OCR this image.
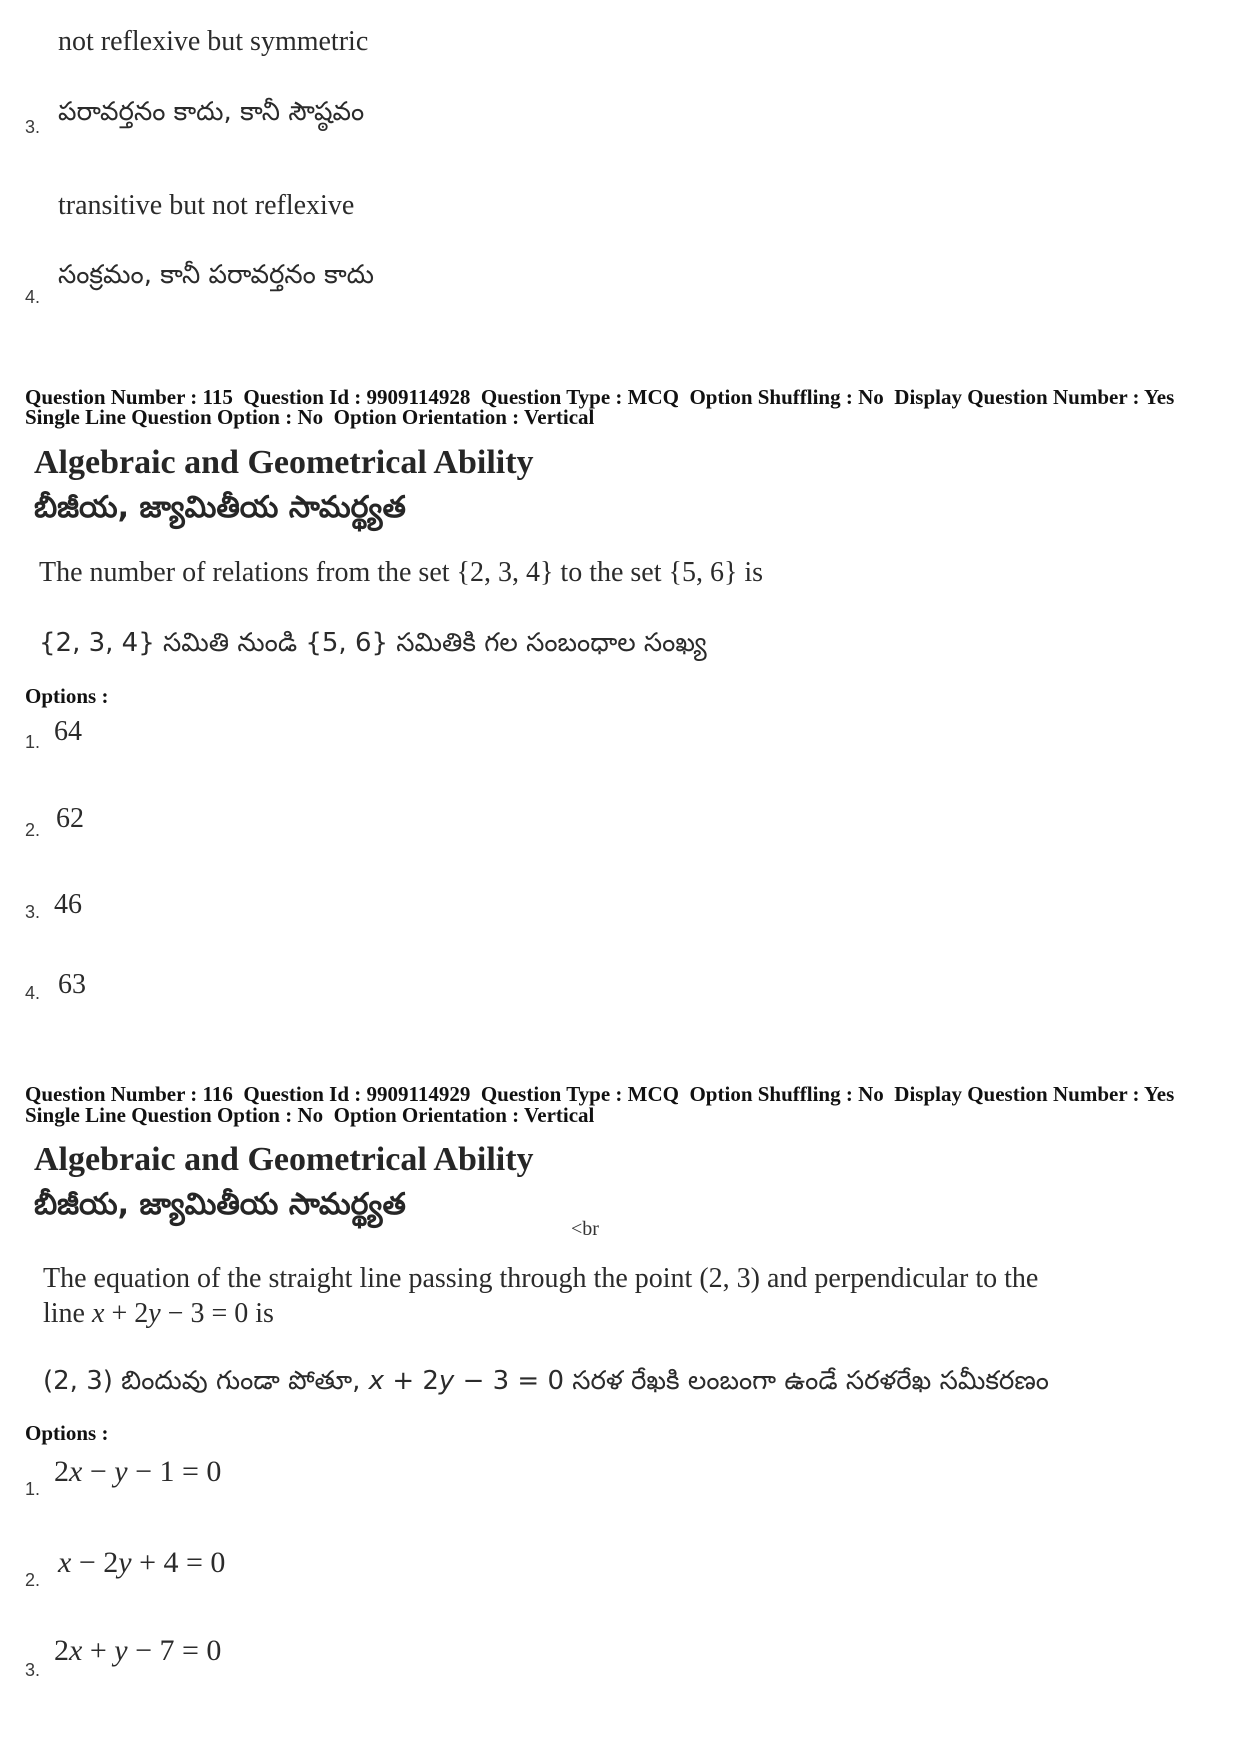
not reflexive but symmetric
పరావర్తనం కాదు, కానీ సౌష్ఠవం
3.
transitive but not reflexive
సంక్రమం, కానీ పరావర్తనం కాదు
4.
Question Number : 115  Question Id : 9909114928  Question Type : MCQ  Option Shuffling : No  Display Question Number : Yes
Single Line Question Option : No  Option Orientation : Vertical
Algebraic and Geometrical Ability
బీజీయ, జ్యామితీయ సామర్థ్యత
The number of relations from the set {2, 3, 4} to the set {5, 6} is
{2, 3, 4} సమితి నుండి {5, 6} సమితికి గల సంబంధాల సంఖ్య
Options :
1. 64
2. 62
3. 46
4. 63
Question Number : 116  Question Id : 9909114929  Question Type : MCQ  Option Shuffling : No  Display Question Number : Yes
Single Line Question Option : No  Option Orientation : Vertical
Algebraic and Geometrical Ability
బీజీయ, జ్యామితీయ సామర్థ్యత
<br
The equation of the straight line passing through the point (2, 3) and perpendicular to the
line x + 2y − 3 = 0 is
(2, 3) బిందువు గుండా పోతూ, x + 2y − 3 = 0 సరళ రేఖకి లంబంగా ఉండే సరళరేఖ సమీకరణం
Options :
1.
2x − y − 1 = 0
2.
x − 2y + 4 = 0
3.
2x + y − 7 = 0
